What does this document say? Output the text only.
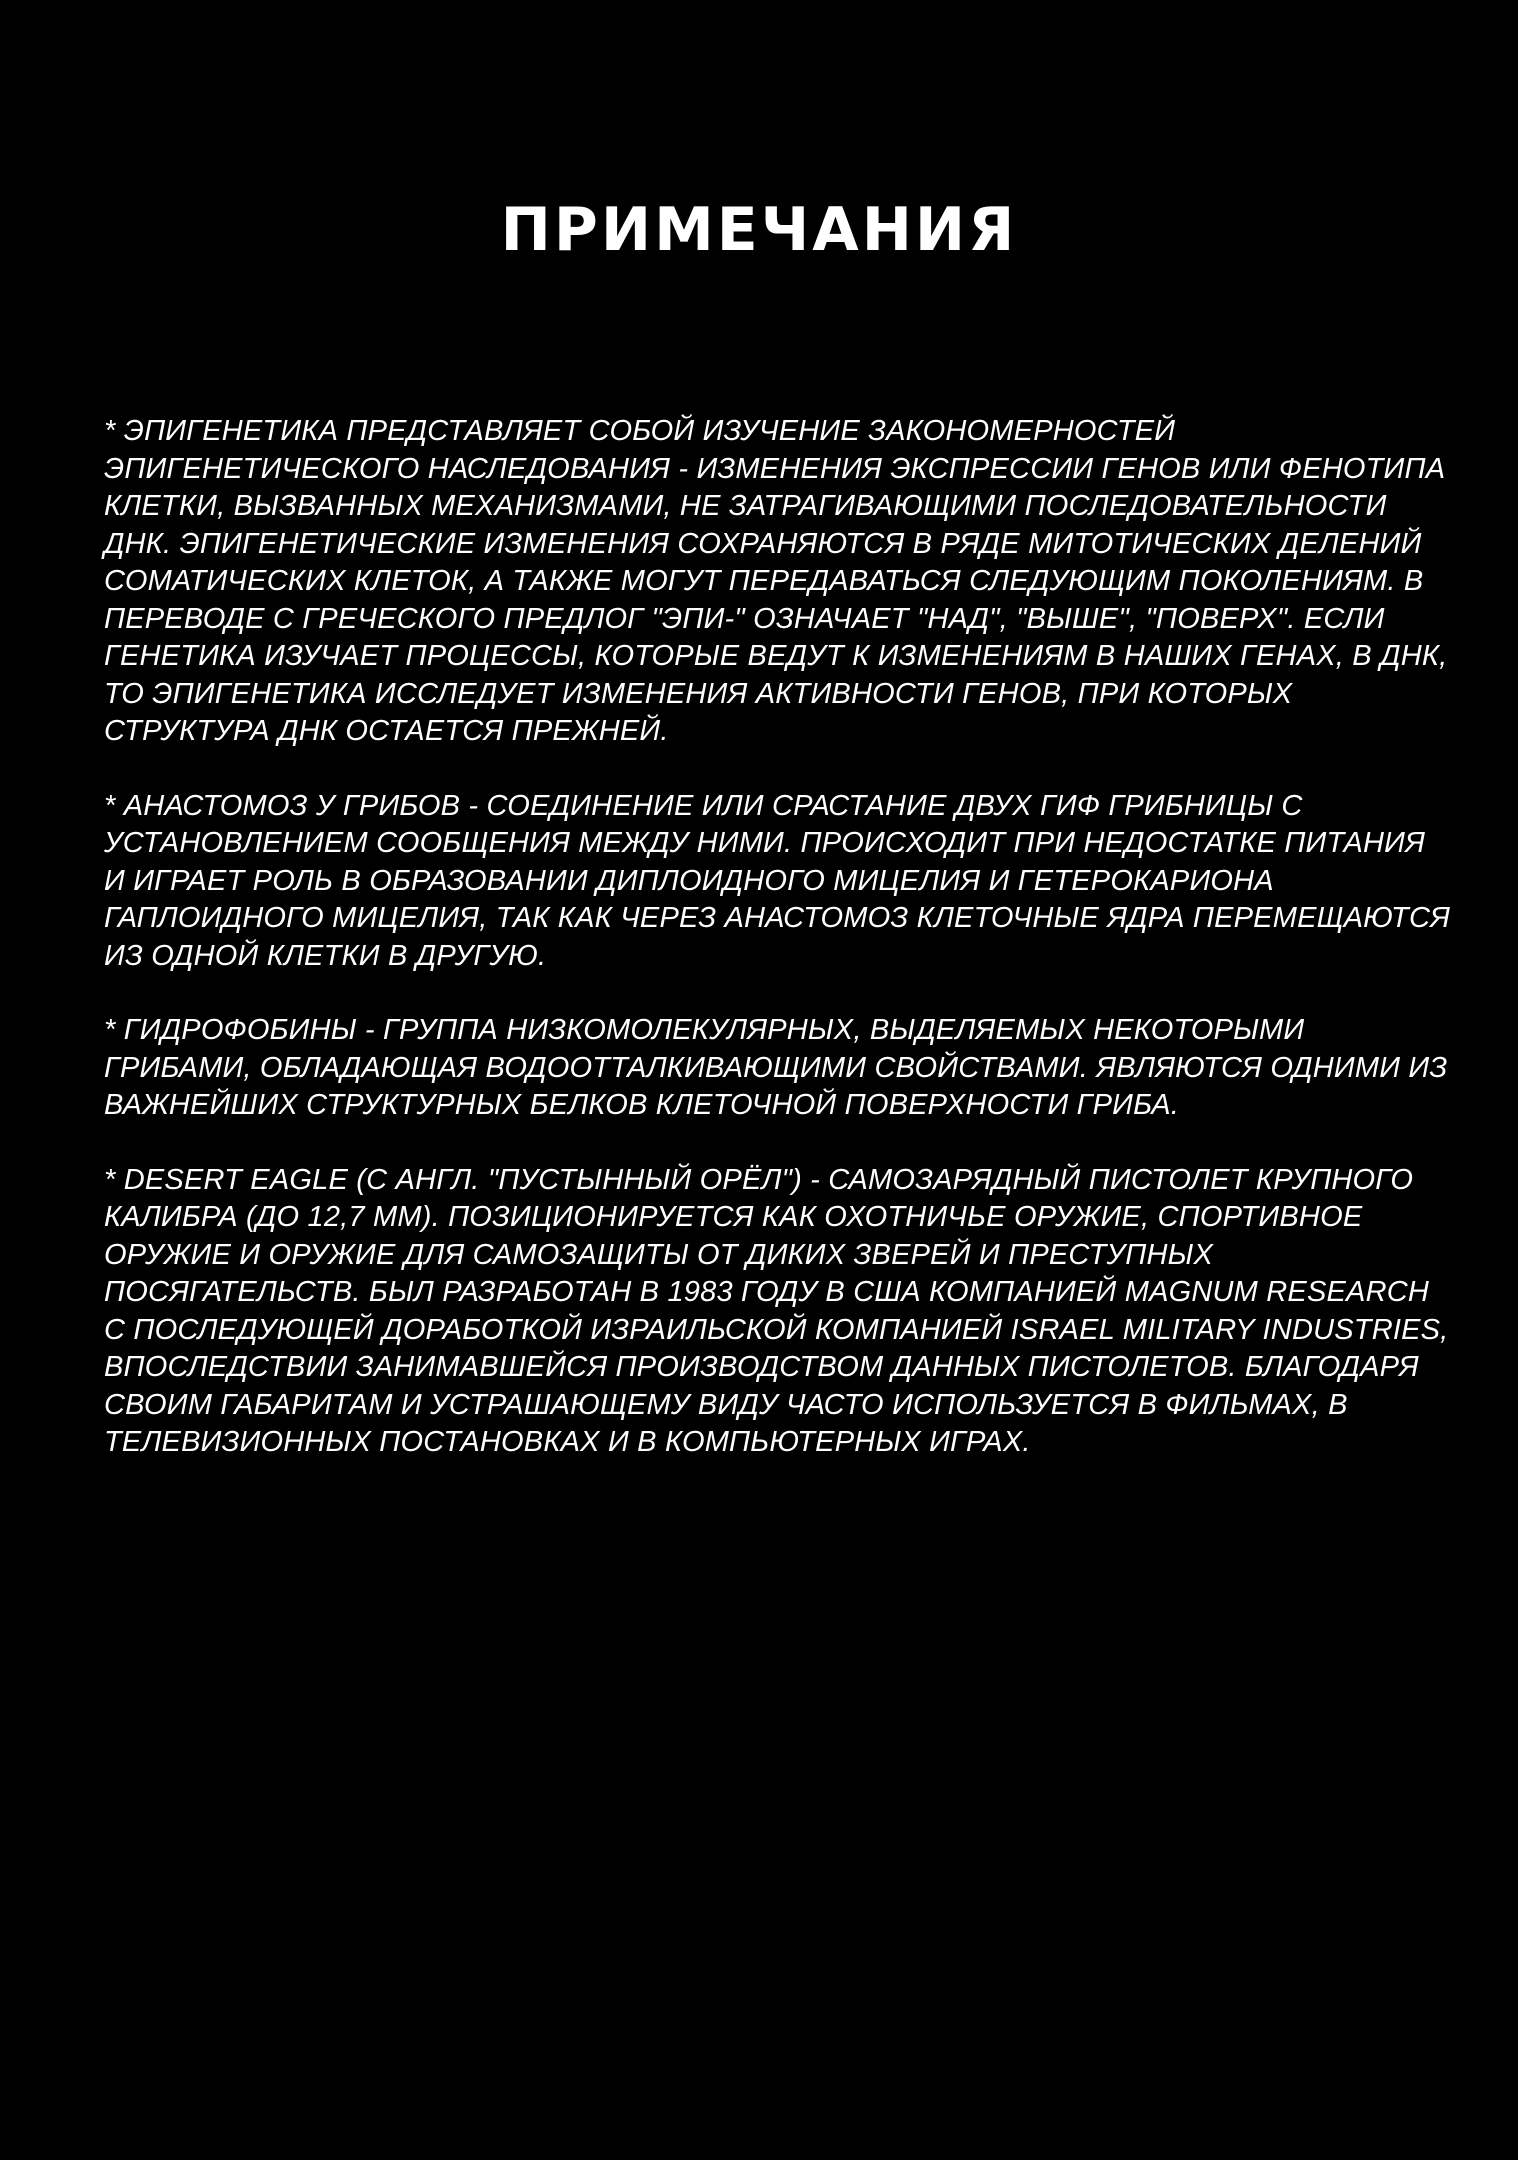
ПРИМЕЧАНИЯ

* ЭПИГЕНЕТИКА ПРЕДСТАВЛЯЕТ СОБОЙ ИЗУЧЕНИЕ ЗАКОНОМЕРНОСТЕЙ ЭПИГЕНЕТИЧЕСКОГО НАСЛЕДОВАНИЯ - ИЗМЕНЕНИЯ ЭКСПРЕССИИ ГЕНОВ ИЛИ ФЕНОТИПА КЛЕТКИ, ВЫЗВАННЫХ МЕХАНИЗМАМИ, НЕ ЗАТРАГИВАЮЩИМИ ПОСЛЕДОВАТЕЛЬНОСТИ ДНК. ЭПИГЕНЕТИЧЕСКИЕ ИЗМЕНЕНИЯ СОХРАНЯЮТСЯ В РЯДЕ МИТОТИЧЕСКИХ ДЕЛЕНИЙ СОМАТИЧЕСКИХ КЛЕТОК, А ТАКЖЕ МОГУТ ПЕРЕДАВАТЬСЯ СЛЕДУЮЩИМ ПОКОЛЕНИЯМ. В ПЕРЕВОДЕ С ГРЕЧЕСКОГО ПРЕДЛОГ "ЭПИ-" ОЗНАЧАЕТ "НАД", "ВЫШЕ", "ПОВЕРХ". ЕСЛИ ГЕНЕТИКА ИЗУЧАЕТ ПРОЦЕССЫ, КОТОРЫЕ ВЕДУТ К ИЗМЕНЕНИЯМ В НАШИХ ГЕНАХ, В ДНК, ТО ЭПИГЕНЕТИКА ИССЛЕДУЕТ ИЗМЕНЕНИЯ АКТИВНОСТИ ГЕНОВ, ПРИ КОТОРЫХ СТРУКТУРА ДНК ОСТАЕТСЯ ПРЕЖНЕЙ.

* АНАСТОМОЗ У ГРИБОВ - СОЕДИНЕНИЕ ИЛИ СРАСТАНИЕ ДВУХ ГИФ ГРИБНИЦЫ С УСТАНОВЛЕНИЕМ СООБЩЕНИЯ МЕЖДУ НИМИ. ПРОИСХОДИТ ПРИ НЕДОСТАТКЕ ПИТАНИЯ И ИГРАЕТ РОЛЬ В ОБРАЗОВАНИИ ДИПЛОИДНОГО МИЦЕЛИЯ И ГЕТЕРОКАРИОНА ГАПЛОИДНОГО МИЦЕЛИЯ, ТАК КАК ЧЕРЕЗ АНАСТОМОЗ КЛЕТОЧНЫЕ ЯДРА ПЕРЕМЕЩАЮТСЯ ИЗ ОДНОЙ КЛЕТКИ В ДРУГУЮ.

* ГИДРОФОБИНЫ - ГРУППА НИЗКОМОЛЕКУЛЯРНЫХ, ВЫДЕЛЯЕМЫХ НЕКОТОРЫМИ ГРИБАМИ, ОБЛАДАЮЩАЯ ВОДООТТАЛКИВАЮЩИМИ СВОЙСТВАМИ. ЯВЛЯЮТСЯ ОДНИМИ ИЗ ВАЖНЕЙШИХ СТРУКТУРНЫХ БЕЛКОВ КЛЕТОЧНОЙ ПОВЕРХНОСТИ ГРИБА.

* DESERT EAGLE (С АНГЛ. "ПУСТЫННЫЙ ОРЁЛ") - САМОЗАРЯДНЫЙ ПИСТОЛЕТ КРУПНОГО КАЛИБРА (ДО 12,7 ММ). ПОЗИЦИОНИРУЕТСЯ КАК ОХОТНИЧЬЕ ОРУЖИЕ, СПОРТИВНОЕ ОРУЖИЕ И ОРУЖИЕ ДЛЯ САМОЗАЩИТЫ ОТ ДИКИХ ЗВЕРЕЙ И ПРЕСТУПНЫХ ПОСЯГАТЕЛЬСТВ. БЫЛ РАЗРАБОТАН В 1983 ГОДУ В США КОМПАНИЕЙ MAGNUM RESEARCH С ПОСЛЕДУЮЩЕЙ ДОРАБОТКОЙ ИЗРАИЛЬСКОЙ КОМПАНИЕЙ ISRAEL MILITARY INDUSTRIES, ВПОСЛЕДСТВИИ ЗАНИМАВШЕЙСЯ ПРОИЗВОДСТВОМ ДАННЫХ ПИСТОЛЕТОВ. БЛАГОДАРЯ СВОИМ ГАБАРИТАМ И УСТРАШАЮЩЕМУ ВИДУ ЧАСТО ИСПОЛЬЗУЕТСЯ В ФИЛЬМАХ, В ТЕЛЕВИЗИОННЫХ ПОСТАНОВКАХ И В КОМПЬЮТЕРНЫХ ИГРАХ.
